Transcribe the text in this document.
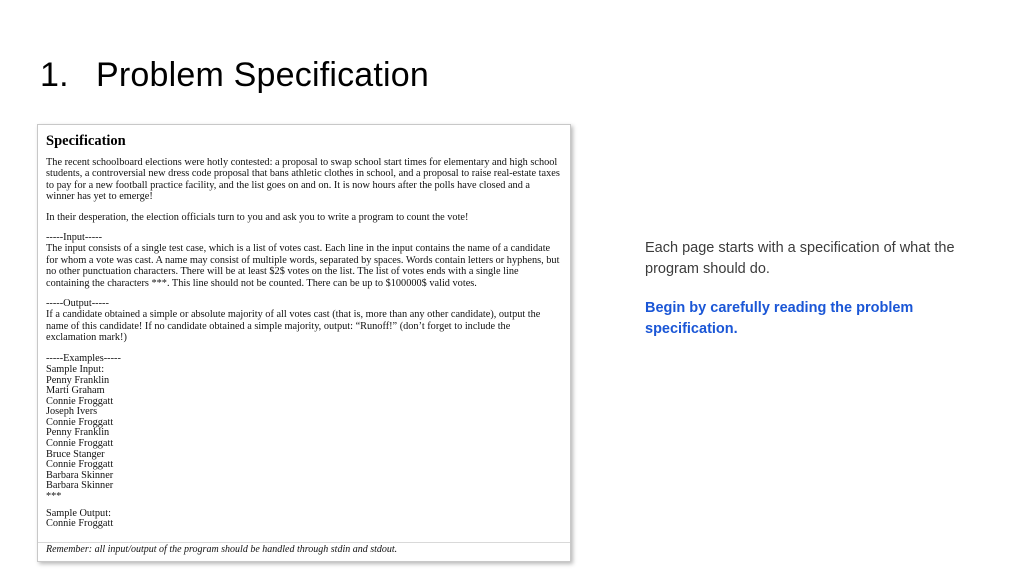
1. Problem Specification
Specification

The recent schoolboard elections were hotly contested: a proposal to swap school start times for elementary and high school students, a controversial new dress code proposal that bans athletic clothes in school, and a proposal to raise real-estate taxes to pay for a new football practice facility, and the list goes on and on. It is now hours after the polls have closed and a winner has yet to emerge!

In their desperation, the election officials turn to you and ask you to write a program to count the vote!

-----Input-----

The input consists of a single test case, which is a list of votes cast. Each line in the input contains the name of a candidate for whom a vote was cast. A name may consist of multiple words, separated by spaces. Words contain letters or hyphens, but no other punctuation characters. There will be at least $2$ votes on the list. The list of votes ends with a single line containing the characters ***. This line should not be counted. There can be up to $100000$ valid votes.

-----Output-----

If a candidate obtained a simple or absolute majority of all votes cast (that is, more than any other candidate), output the name of this candidate! If no candidate obtained a simple majority, output: “Runoff!” (don’t forget to include the exclamation mark!)

-----Examples-----
Sample Input:
Penny Franklin
Marti Graham
Connie Froggatt
Joseph Ivers
Connie Froggatt
Penny Franklin
Connie Froggatt
Bruce Stanger
Connie Froggatt
Barbara Skinner
Barbara Skinner
***
Sample Output:
Connie Froggatt
Remember: all input/output of the program should be handled through stdin and stdout.

Each page starts with a specification of what the program should do.

Begin by carefully reading the problem specification.
